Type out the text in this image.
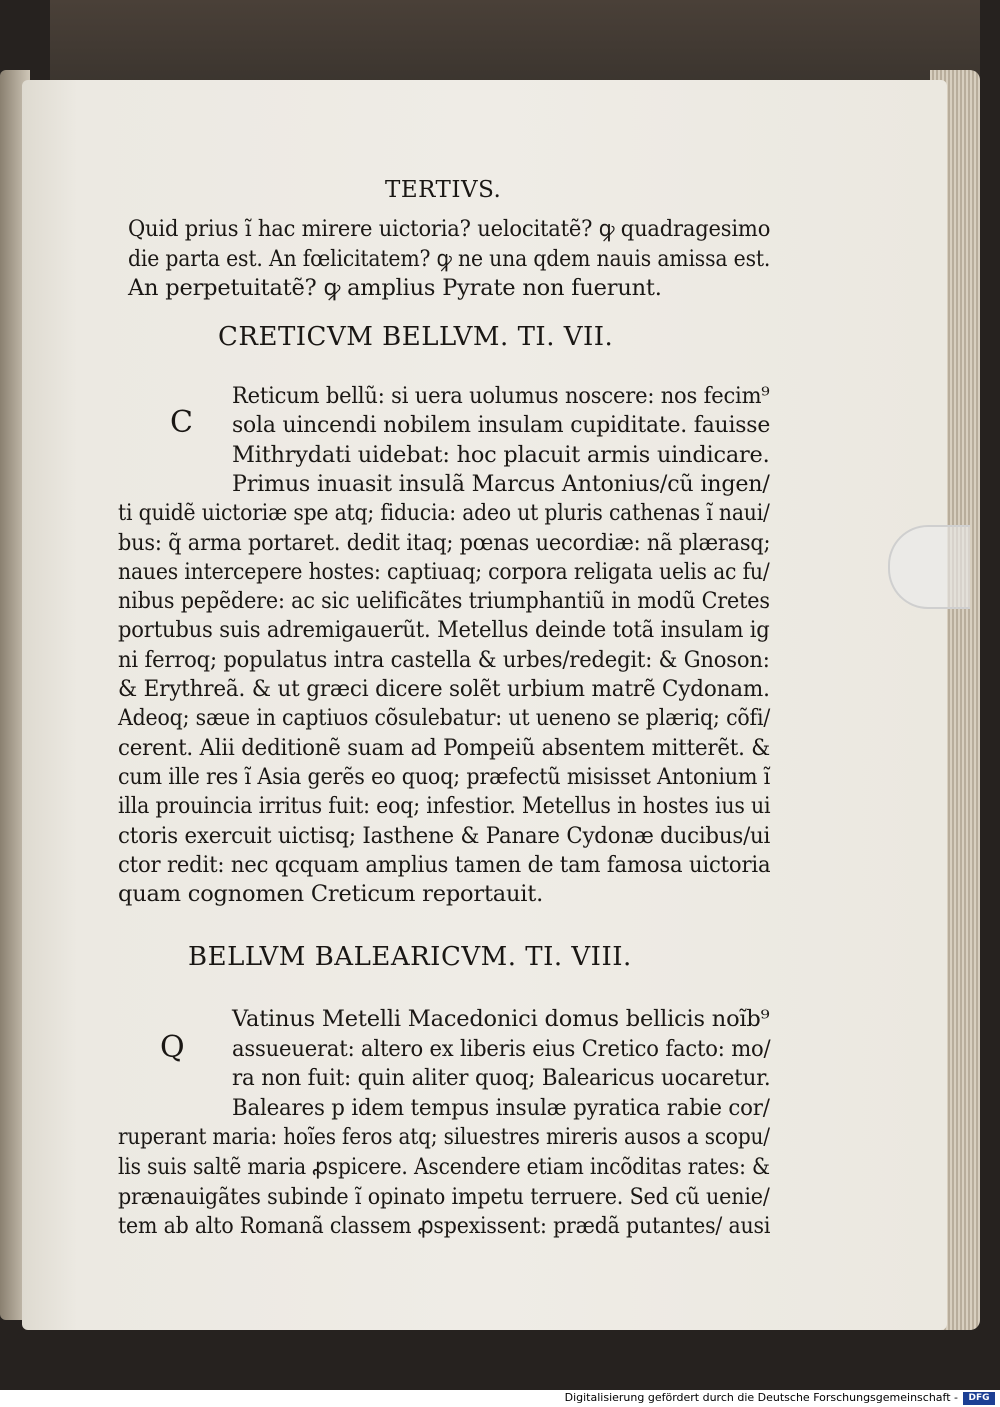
TERTIVS.
Quid prius ĩ hac mirere uictoria? uelocitatẽ? ꝙ quadragesimo
die parta est. An fœlicitatem? ꝙ ne una qdem nauis amissa est.
An perpetuitatẽ? ꝙ amplius Pyrate non fuerunt.
CRETICVM BELLVM. TI. VII.
C
Reticum bellũ: si uera uolumus noscere: nos fecim⁹
sola uincendi nobilem insulam cupiditate. fauisse
Mithrydati uidebat: hoc placuit armis uindicare.
Primus inuasit insulã Marcus Antonius/cũ ingen/
ti quidẽ uictoriæ spe atq; fiducia: adeo ut pluris cathenas ĩ naui/
bus: q̃ arma portaret. dedit itaq; pœnas uecordiæ: nã plærasq;
naues intercepere hostes: captiuaq; corpora religata uelis ac fu/
nibus pepẽdere: ac sic uelificãtes triumphantiũ in modũ Cretes
portubus suis adremigauerũt. Metellus deinde totã insulam ig
ni ferroq; populatus intra castella & urbes/redegit: & Gnoson:
& Erythreã. & ut græci dicere solẽt urbium matrẽ Cydonam.
Adeoq; sæue in captiuos cõsulebatur: ut ueneno se plæriq; cõfi/
cerent. Alii deditionẽ suam ad Pompeiũ absentem mitterẽt. &
cum ille res ĩ Asia gerẽs eo quoq; præfectũ misisset Antonium ĩ
illa prouincia irritus fuit: eoq; infestior. Metellus in hostes ius ui
ctoris exercuit uictisq; Iasthene & Panare Cydonæ ducibus/ui
ctor redit: nec qcquam amplius tamen de tam famosa uictoria
quam cognomen Creticum reportauit.
BELLVM BALEARICVM. TI. VIII.
Q
Vatinus Metelli Macedonici domus bellicis noĩb⁹
assueuerat: altero ex liberis eius Cretico facto: mo/
ra non fuit: quin aliter quoq; Balearicus uocaretur.
Baleares p idem tempus insulæ pyratica rabie cor/
ruperant maria: hoĩes feros atq; siluestres mireris ausos a scopu/
lis suis saltẽ maria ꝓspicere. Ascendere etiam incõditas rates: &
prænauigãtes subinde ĩ opinato impetu terruere. Sed cũ uenie/
tem ab alto Romanã classem ꝓspexissent: prædã putantes/ ausi
Digitalisierung gefördert durch die Deutsche Forschungsgemeinschaft -	DFG
